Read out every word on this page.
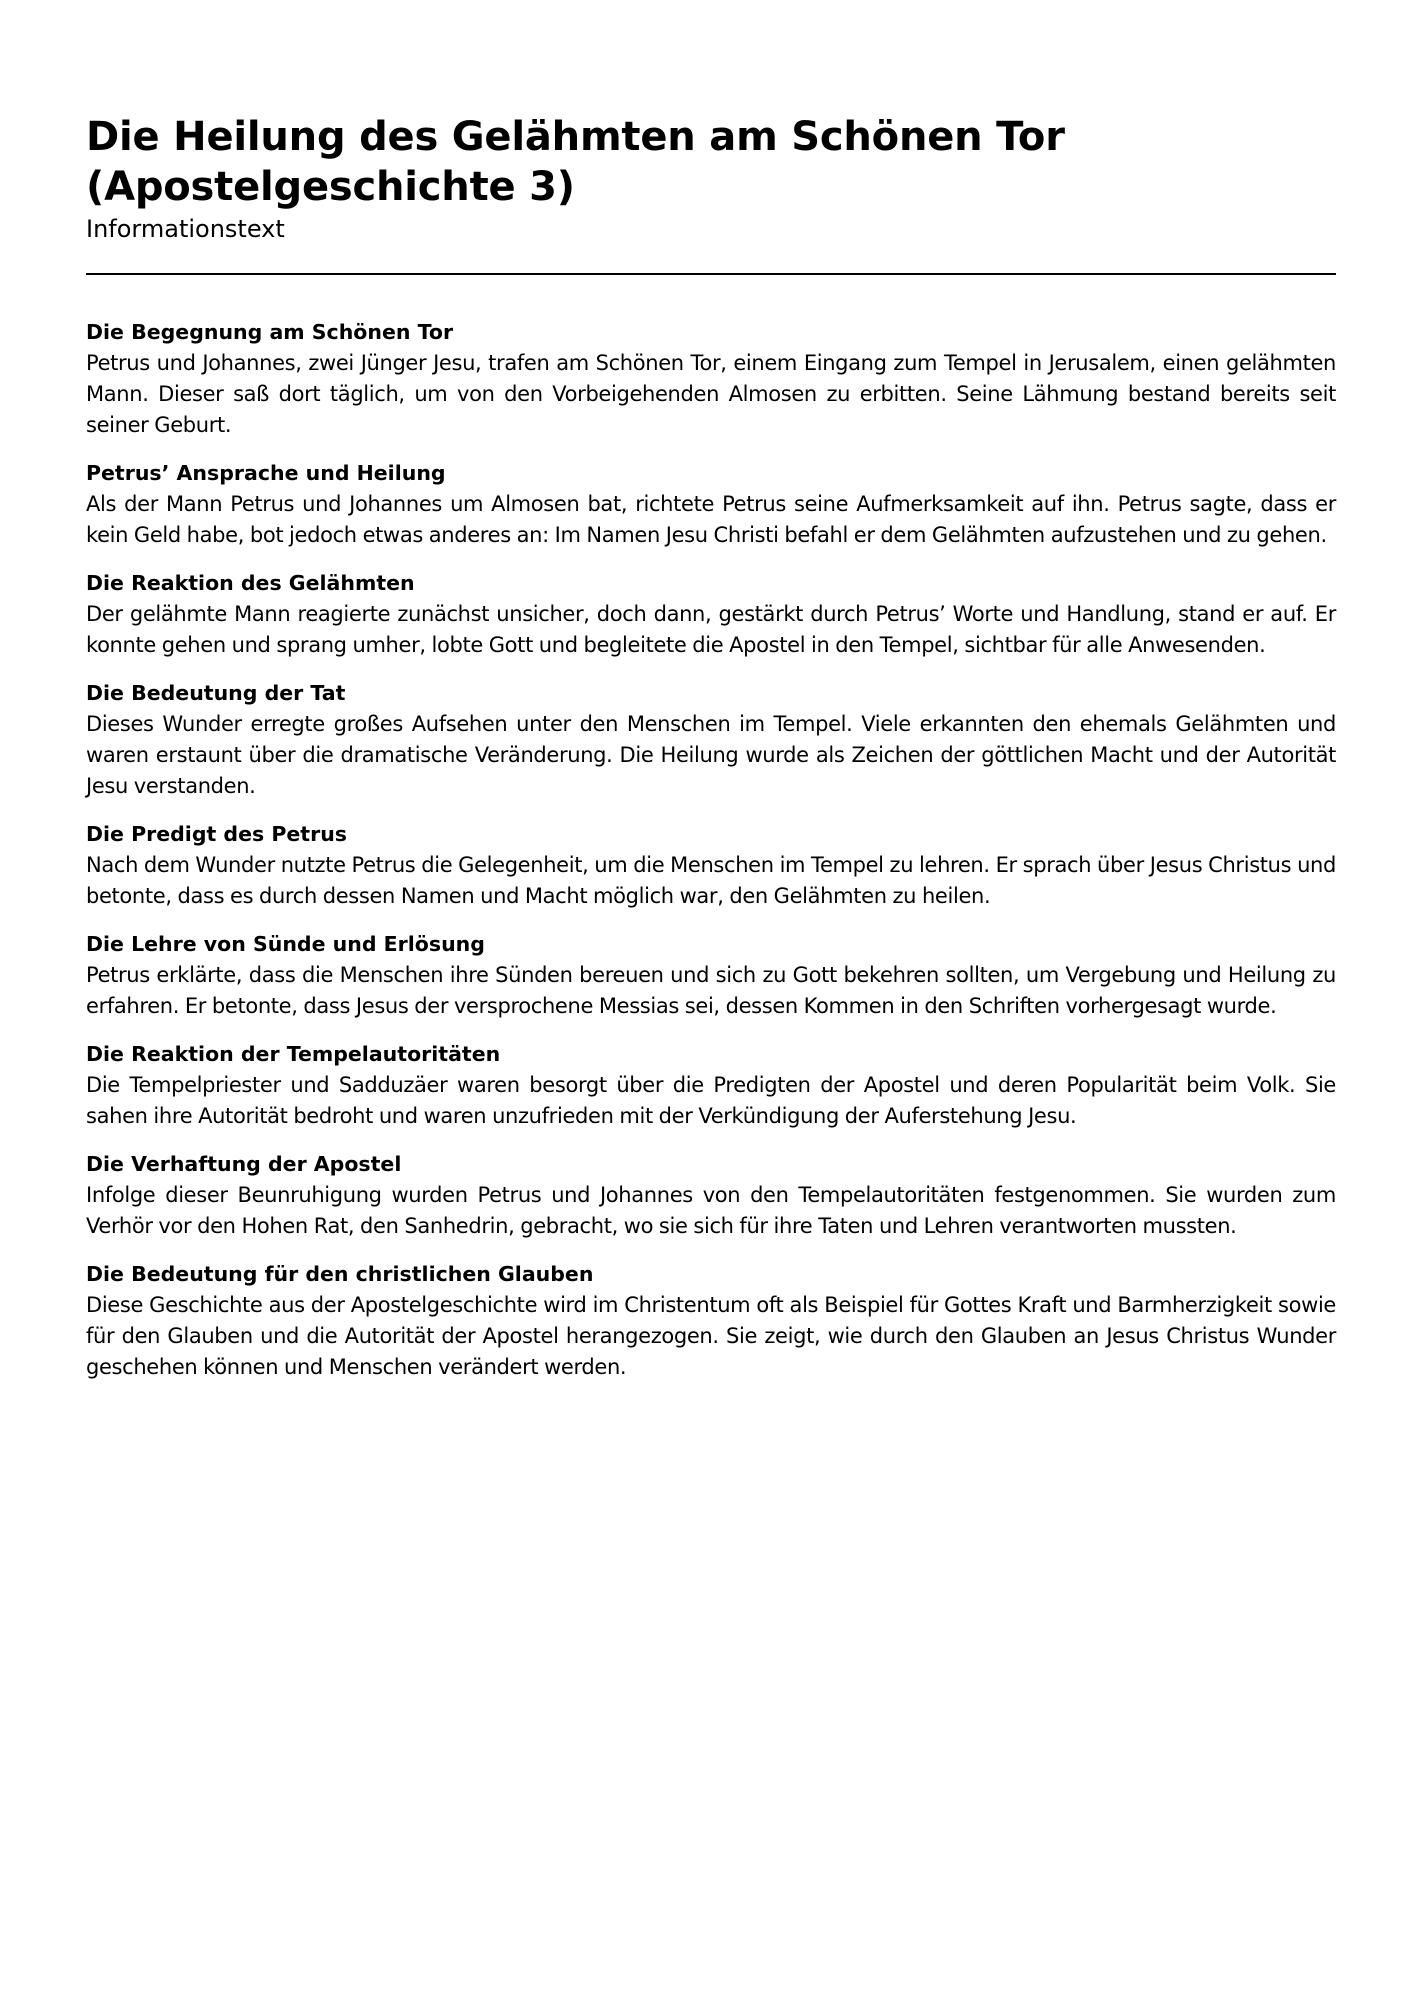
Die Heilung des Gelähmten am Schönen Tor (Apostelgeschichte 3)
Informationstext
Die Begegnung am Schönen Tor

Petrus und Johannes, zwei Jünger Jesu, trafen am Schönen Tor, einem Eingang zum Tempel in Jerusalem, einen gelähmten Mann. Dieser saß dort täglich, um von den Vorbeigehenden Almosen zu erbitten. Seine Lähmung bestand bereits seit seiner Geburt.

Petrus’ Ansprache und Heilung

Als der Mann Petrus und Johannes um Almosen bat, richtete Petrus seine Aufmerksamkeit auf ihn. Petrus sagte, dass er kein Geld habe, bot jedoch etwas anderes an: Im Namen Jesu Christi befahl er dem Gelähmten aufzustehen und zu gehen.

Die Reaktion des Gelähmten

Der gelähmte Mann reagierte zunächst unsicher, doch dann, gestärkt durch Petrus’ Worte und Handlung, stand er auf. Er konnte gehen und sprang umher, lobte Gott und begleitete die Apostel in den Tempel, sichtbar für alle Anwesenden.

Die Bedeutung der Tat

Dieses Wunder erregte großes Aufsehen unter den Menschen im Tempel. Viele erkannten den ehemals Gelähmten und waren erstaunt über die dramatische Veränderung. Die Heilung wurde als Zeichen der göttlichen Macht und der Autorität Jesu verstanden.

Die Predigt des Petrus

Nach dem Wunder nutzte Petrus die Gelegenheit, um die Menschen im Tempel zu lehren. Er sprach über Jesus Christus und betonte, dass es durch dessen Namen und Macht möglich war, den Gelähmten zu heilen.

Die Lehre von Sünde und Erlösung

Petrus erklärte, dass die Menschen ihre Sünden bereuen und sich zu Gott bekehren sollten, um Vergebung und Heilung zu erfahren. Er betonte, dass Jesus der versprochene Messias sei, dessen Kommen in den Schriften vorhergesagt wurde.

Die Reaktion der Tempelautoritäten

Die Tempelpriester und Sadduzäer waren besorgt über die Predigten der Apostel und deren Popularität beim Volk. Sie sahen ihre Autorität bedroht und waren unzufrieden mit der Verkündigung der Auferstehung Jesu.

Die Verhaftung der Apostel

Infolge dieser Beunruhigung wurden Petrus und Johannes von den Tempelautoritäten festgenommen. Sie wurden zum Verhör vor den Hohen Rat, den Sanhedrin, gebracht, wo sie sich für ihre Taten und Lehren verantworten mussten.

Die Bedeutung für den christlichen Glauben

Diese Geschichte aus der Apostelgeschichte wird im Christentum oft als Beispiel für Gottes Kraft und Barmherzigkeit sowie für den Glauben und die Autorität der Apostel herangezogen. Sie zeigt, wie durch den Glauben an Jesus Christus Wunder geschehen können und Menschen verändert werden.
